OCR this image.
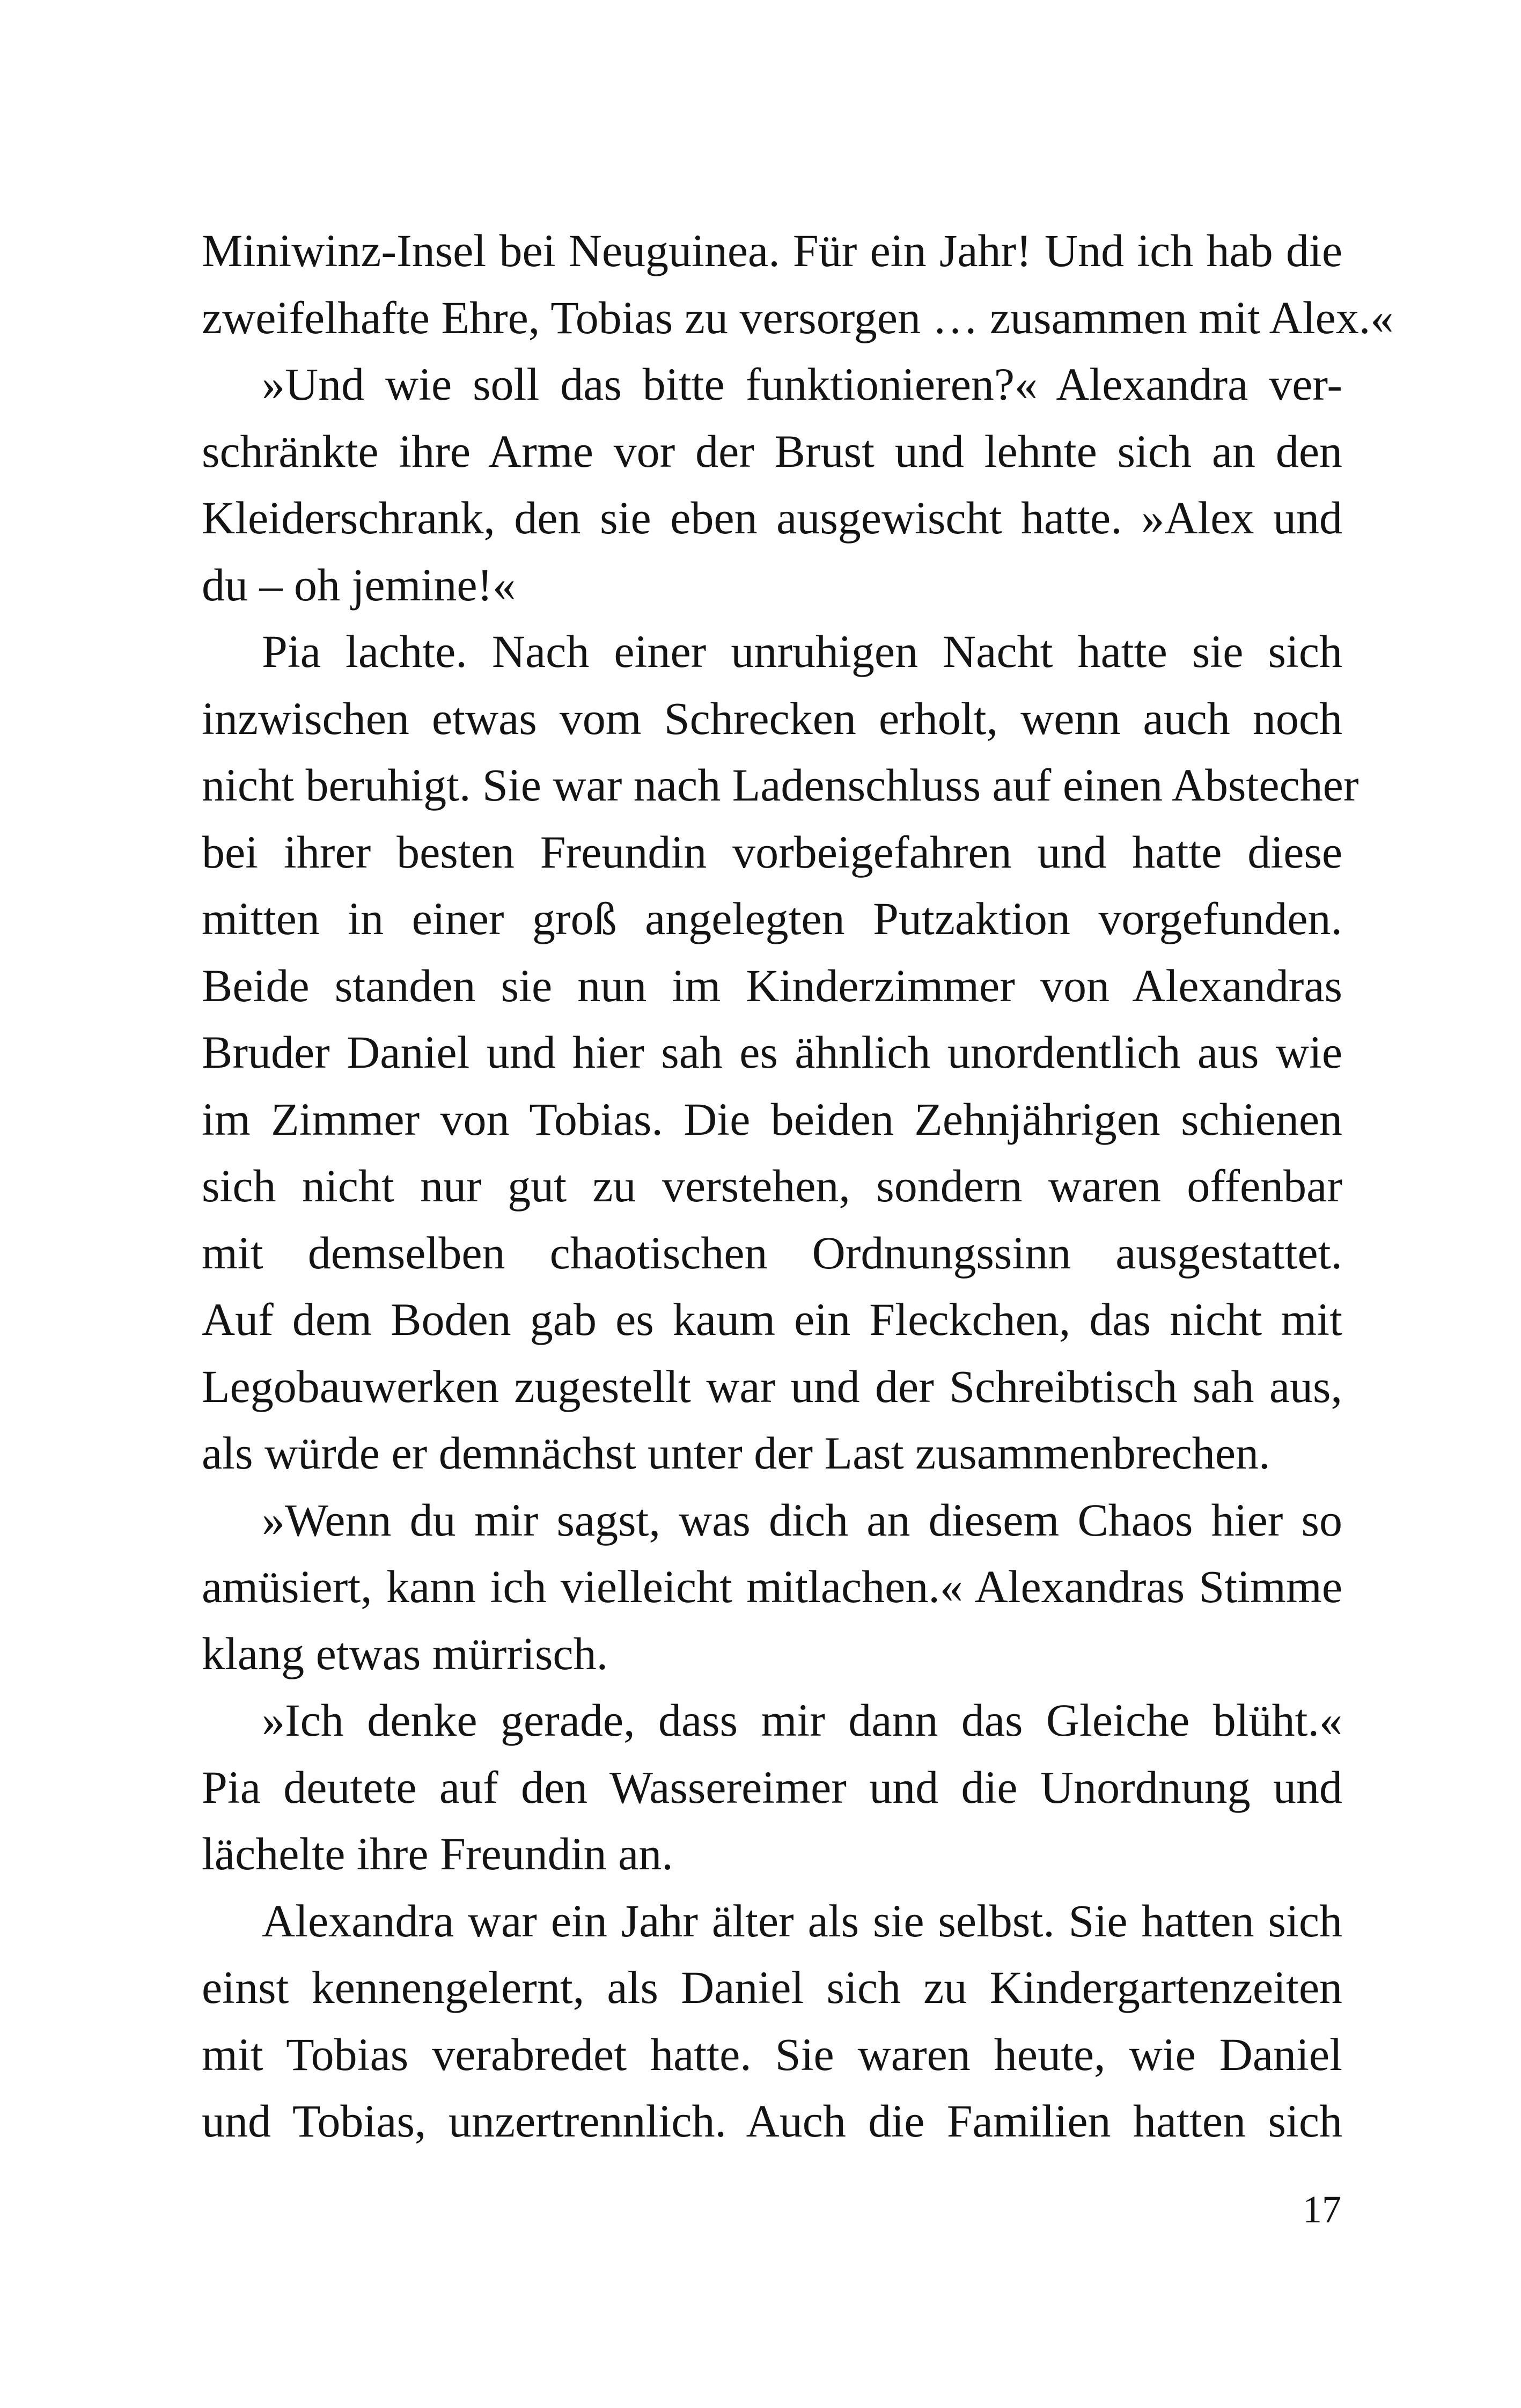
Miniwinz-Insel bei Neuguinea. Für ein Jahr! Und ich hab die
zweifelhafte Ehre, Tobias zu versorgen … zusammen mit Alex.«
»Und wie soll das bitte funktionieren?« Alexandra ver-
schränkte ihre Arme vor der Brust und lehnte sich an den
Kleiderschrank, den sie eben ausgewischt hatte. »Alex und
du – oh jemine!«
Pia lachte. Nach einer unruhigen Nacht hatte sie sich
inzwischen etwas vom Schrecken erholt, wenn auch noch
nicht beruhigt. Sie war nach Ladenschluss auf einen Abstecher
bei ihrer besten Freundin vorbeigefahren und hatte diese
mitten in einer groß angelegten Putzaktion vorgefunden.
Beide standen sie nun im Kinderzimmer von Alexandras
Bruder Daniel und hier sah es ähnlich unordentlich aus wie
im Zimmer von Tobias. Die beiden Zehnjährigen schienen
sich nicht nur gut zu verstehen, sondern waren offenbar
mit demselben chaotischen Ordnungssinn ausgestattet.
Auf dem Boden gab es kaum ein Fleckchen, das nicht mit
Legobauwerken zugestellt war und der Schreibtisch sah aus,
als würde er demnächst unter der Last zusammenbrechen.
»Wenn du mir sagst, was dich an diesem Chaos hier so
amüsiert, kann ich vielleicht mitlachen.« Alexandras Stimme
klang etwas mürrisch.
»Ich denke gerade, dass mir dann das Gleiche blüht.«
Pia deutete auf den Wassereimer und die Unordnung und
lächelte ihre Freundin an.
Alexandra war ein Jahr älter als sie selbst. Sie hatten sich
einst kennengelernt, als Daniel sich zu Kindergartenzeiten
mit Tobias verabredet hatte. Sie waren heute, wie Daniel
und Tobias, unzertrennlich. Auch die Familien hatten sich
17
